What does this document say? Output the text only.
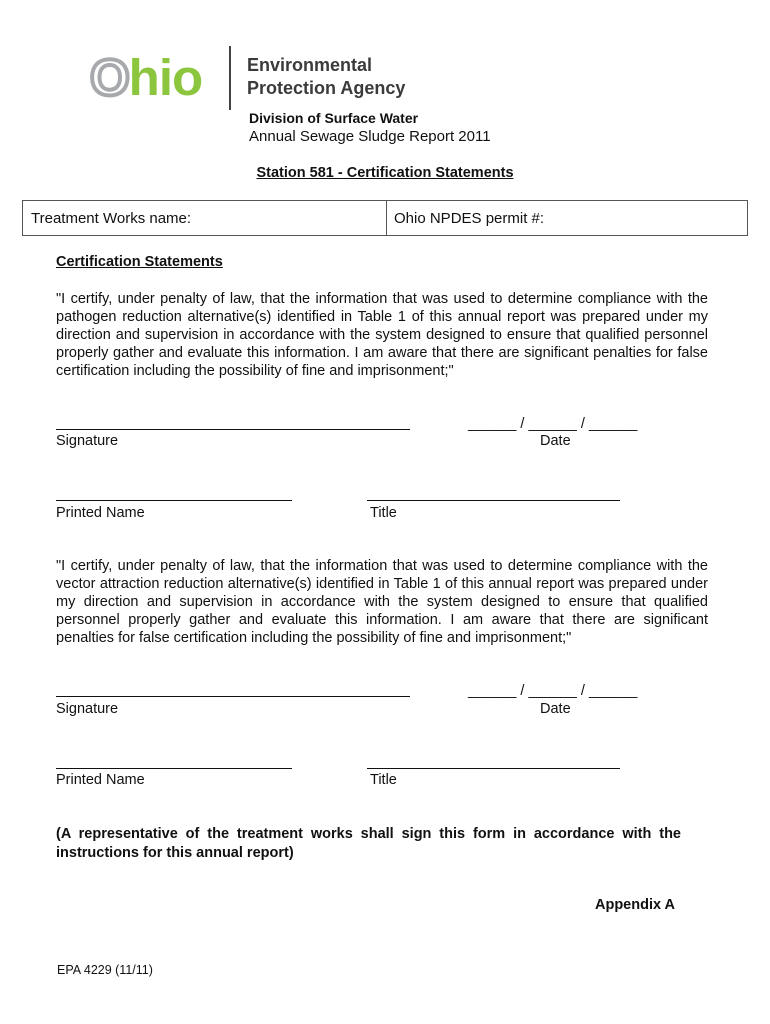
Ohio Environmental
Protection Agency
Division of Surface Water
Annual Sewage Sludge Report 2011
Station 581 - Certification Statements
Treatment Works name:	Ohio NPDES permit #:
Certification Statements
"I certify, under penalty of law, that the information that was used to determine compliance with the pathogen reduction alternative(s) identified in Table 1 of this annual report was prepared under my direction and supervision in accordance with the system designed to ensure that qualified personnel properly gather and evaluate this information. I am aware that there are significant penalties for false certification including the possibility of fine and imprisonment;"
______ / ______ / ______
Signature	Date
Printed Name	Title
"I certify, under penalty of law, that the information that was used to determine compliance with the vector attraction reduction alternative(s) identified in Table 1 of this annual report was prepared under my direction and supervision in accordance with the system designed to ensure that qualified personnel properly gather and evaluate this information. I am aware that there are significant penalties for false certification including the possibility of fine and imprisonment;"
______ / ______ / ______
Signature	Date
Printed Name	Title
(A representative of the treatment works shall sign this form in accordance with the instructions for this annual report)
Appendix A
EPA 4229 (11/11)
